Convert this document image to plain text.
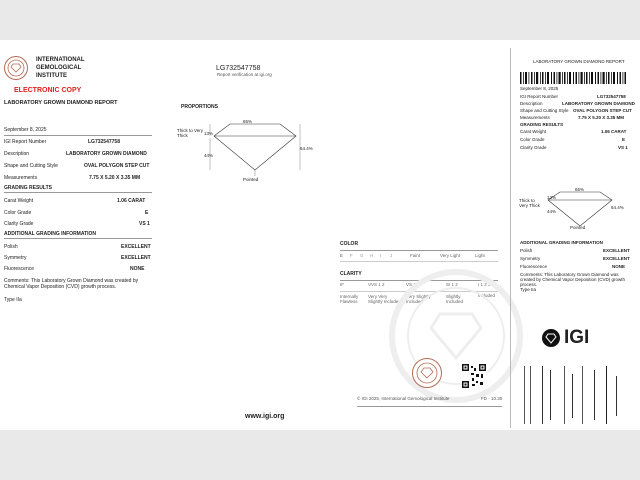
INTERNATIONAL
GEMOLOGICAL
INSTITUTE
ELECTRONIC COPY
LABORATORY GROWN DIAMOND REPORT
LG732547758
Report verification at igi.org
September 8, 2025
IGI Report Number	LG732547758
Description	LABORATORY GROWN DIAMOND
Shape and Cutting Style	OVAL POLYGON STEP CUT
Measurements	7.75 X 5.20 X 3.35 MM
GRADING RESULTS
Carat Weight	1.06 CARAT
Color Grade	E
Clarity Grade	VS 1
ADDITIONAL GRADING INFORMATION
Polish	EXCELLENT
Symmetry	EXCELLENT
Fluorescence	NONE
Comments: This Laboratory Grown Diamond was created by Chemical Vapor Deposition (CVD) growth process.
Type IIa
PROPORTIONS
65%
Thick to Very Thick	13%
44%
64.4%
Pointed
COLOR
E F G H I J	Faint	Very Light	Light
CLARITY
IF	VVS 1 2	VS 1 2	SI 1 2	I 1 2 3
Internally Flawless
Very Very Slightly Included
Very Slightly Included
Slightly Included
Included
© IGI 2025, International Gemological Institute	FD - 10.30
www.igi.org
LABORATORY GROWN DIAMOND REPORT
September 8, 2025
IGI Report Number	LG732547758
Description	LABORATORY GROWN DIAMOND
Shape and Cutting Style OVAL POLYGON STEP CUT
Measurements	7.75 X 5.20 X 3.35 MM
GRADING RESULTS
Carat Weight	1.06 CARAT
Color Grade	E
Clarity Grade	VS 1
65%
Thick to Very Thick
13%
44%
64.4%
Pointed
ADDITIONAL GRADING INFORMATION
Polish	EXCELLENT
Symmetry	EXCELLENT
Fluorescence	NONE
Comments: This Laboratory Grown Diamond was created by Chemical Vapor Deposition (CVD) growth process.
Type IIa
IGI
